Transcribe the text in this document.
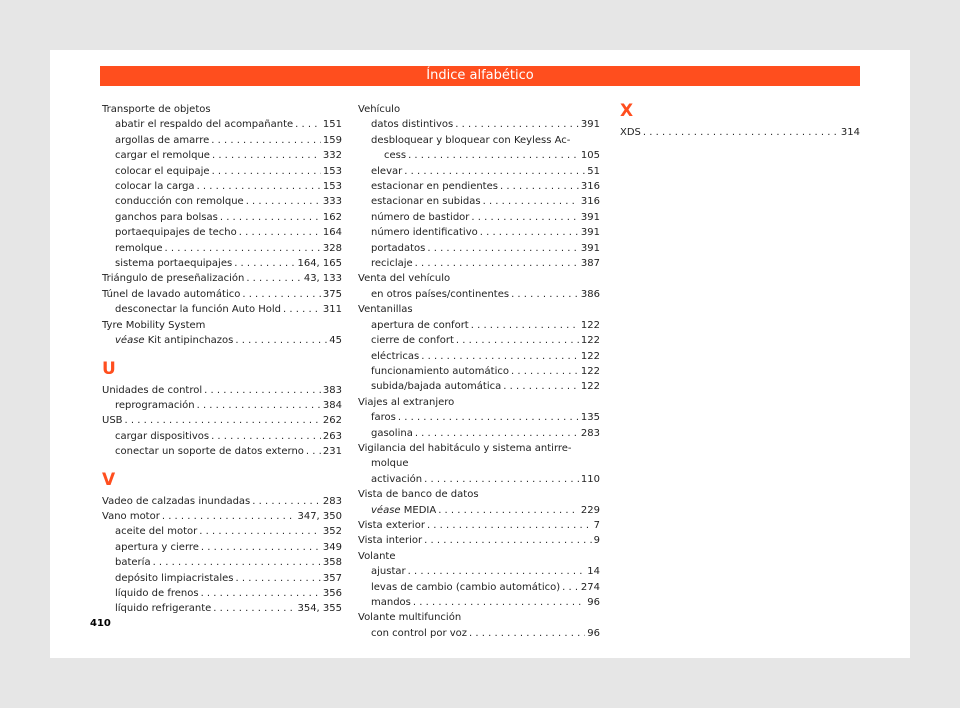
Índice alfabético
Transporte de objetos
abatir el respaldo del acompañante . . .	151
argollas de amarre . . .	159
cargar el remolque . . .	332
colocar el equipaje . . .	153
colocar la carga . . .	153
conducción con remolque . . .	333
ganchos para bolsas . . .	162
portaequipajes de techo . . .	164
remolque . . .	328
sistema portaequipajes . . .	164, 165
Triángulo de preseñalización . . .	43, 133
Túnel de lavado automático . . .	375
desconectar la función Auto Hold . . .	311
Tyre Mobility System
véase Kit antipinchazos . . .	45
U
Unidades de control . . .	383
reprogramación . . .	384
USB . . .	262
cargar dispositivos . . .	263
conectar un soporte de datos externo . . . 231
V
Vadeo de calzadas inundadas . . .	283
Vano motor . . .	347, 350
aceite del motor . . .	352
apertura y cierre . . .	349
batería . . .	358
depósito limpiacristales . . .	357
líquido de frenos . . .	356
líquido refrigerante . . .	354, 355
Vehículo
datos distintivos . . .	391
desbloquear y bloquear con Keyless Ac-
cess . . .	105
elevar . . .	51
estacionar en pendientes . . .	316
estacionar en subidas . . .	316
número de bastidor . . .	391
número identificativo . . .	391
portadatos . . .	391
reciclaje . . .	387
Venta del vehículo
en otros países/continentes . . .	386
Ventanillas
apertura de confort . . .	122
cierre de confort . . .	122
eléctricas . . .	122
funcionamiento automático . . .	122
subida/bajada automática . . .	122
Viajes al extranjero
faros . . .	135
gasolina . . .	283
Vigilancia del habitáculo y sistema antirre-
molque
activación . . .	110
Vista de banco de datos
véase MEDIA . . .	229
Vista exterior . . .	7
Vista interior . . .	9
Volante
ajustar . . .	14
levas de cambio (cambio automático) . . . 274
mandos . . .	96
Volante multifunción
con control por voz . . .	96
X
XDS . . .	314
410
